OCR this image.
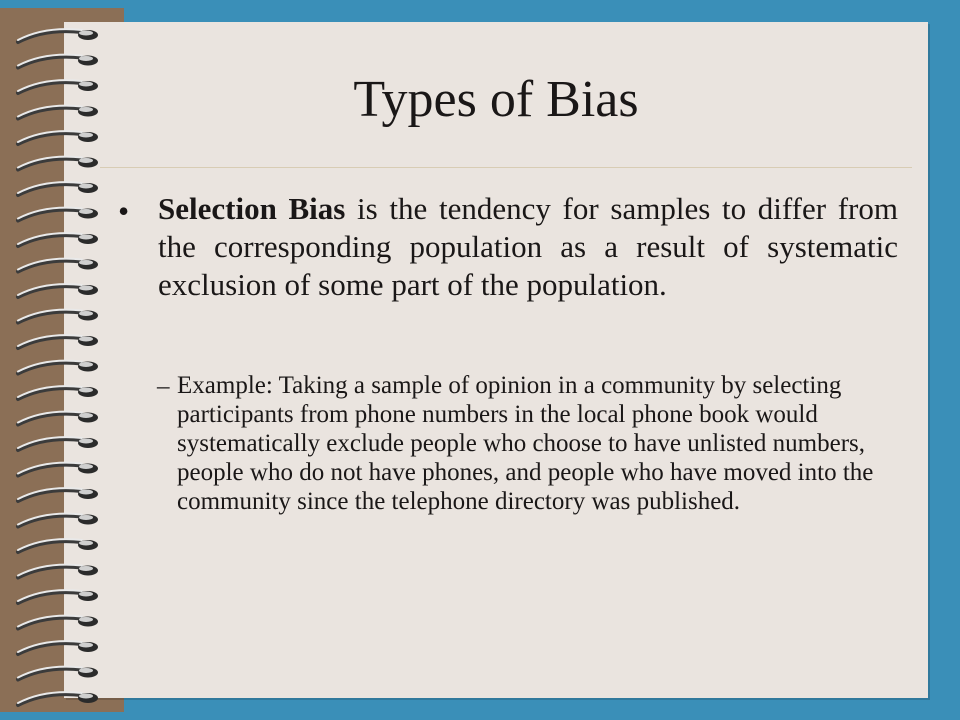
Types of Bias
• Selection Bias is the tendency for samples to differ from the corresponding population as a result of systematic exclusion of some part of the population.
– Example: Taking a sample of opinion in a community by selecting participants from phone numbers in the local phone book would systematically exclude people who choose to have unlisted numbers, people who do not have phones, and people who have moved into the community since the telephone directory was published.
